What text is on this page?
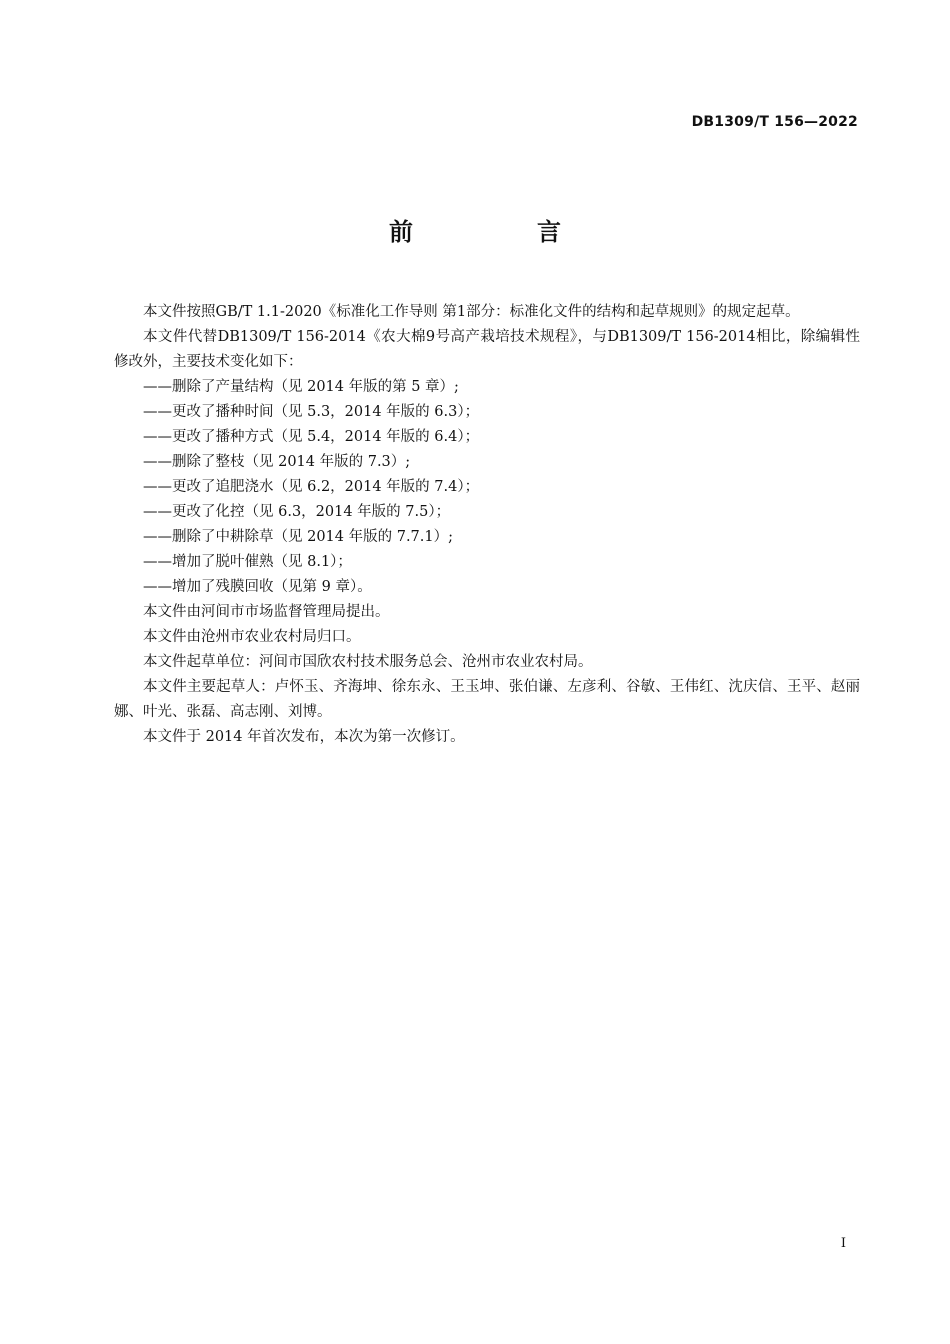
DB1309/T 156—2022
前　言

本文件按照GB/T 1.1-2020《标准化工作导则 第1部分：标准化文件的结构和起草规则》的规定起草。

本文件代替DB1309/T 156-2014《农大棉9号高产栽培技术规程》，与DB1309/T 156-2014相比，除编辑性修改外，主要技术变化如下：

——删除了产量结构（见 2014 年版的第 5 章）;

——更改了播种时间（见 5.3，2014 年版的 6.3）；

——更改了播种方式（见 5.4，2014 年版的 6.4）；

——删除了整枝（见 2014 年版的 7.3）;

——更改了追肥浇水（见 6.2，2014 年版的 7.4）；

——更改了化控（见 6.3，2014 年版的 7.5）；

——删除了中耕除草（见 2014 年版的 7.7.1）;

——增加了脱叶催熟（见 8.1）；

——增加了残膜回收（见第 9 章）。

本文件由河间市市场监督管理局提出。

本文件由沧州市农业农村局归口。

本文件起草单位：河间市国欣农村技术服务总会、沧州市农业农村局。

本文件主要起草人：卢怀玉、齐海坤、徐东永、王玉坤、张伯谦、左彦利、谷敏、王伟红、沈庆信、王平、赵丽娜、叶光、张磊、高志刚、刘博。

本文件于 2014 年首次发布，本次为第一次修订。

I
